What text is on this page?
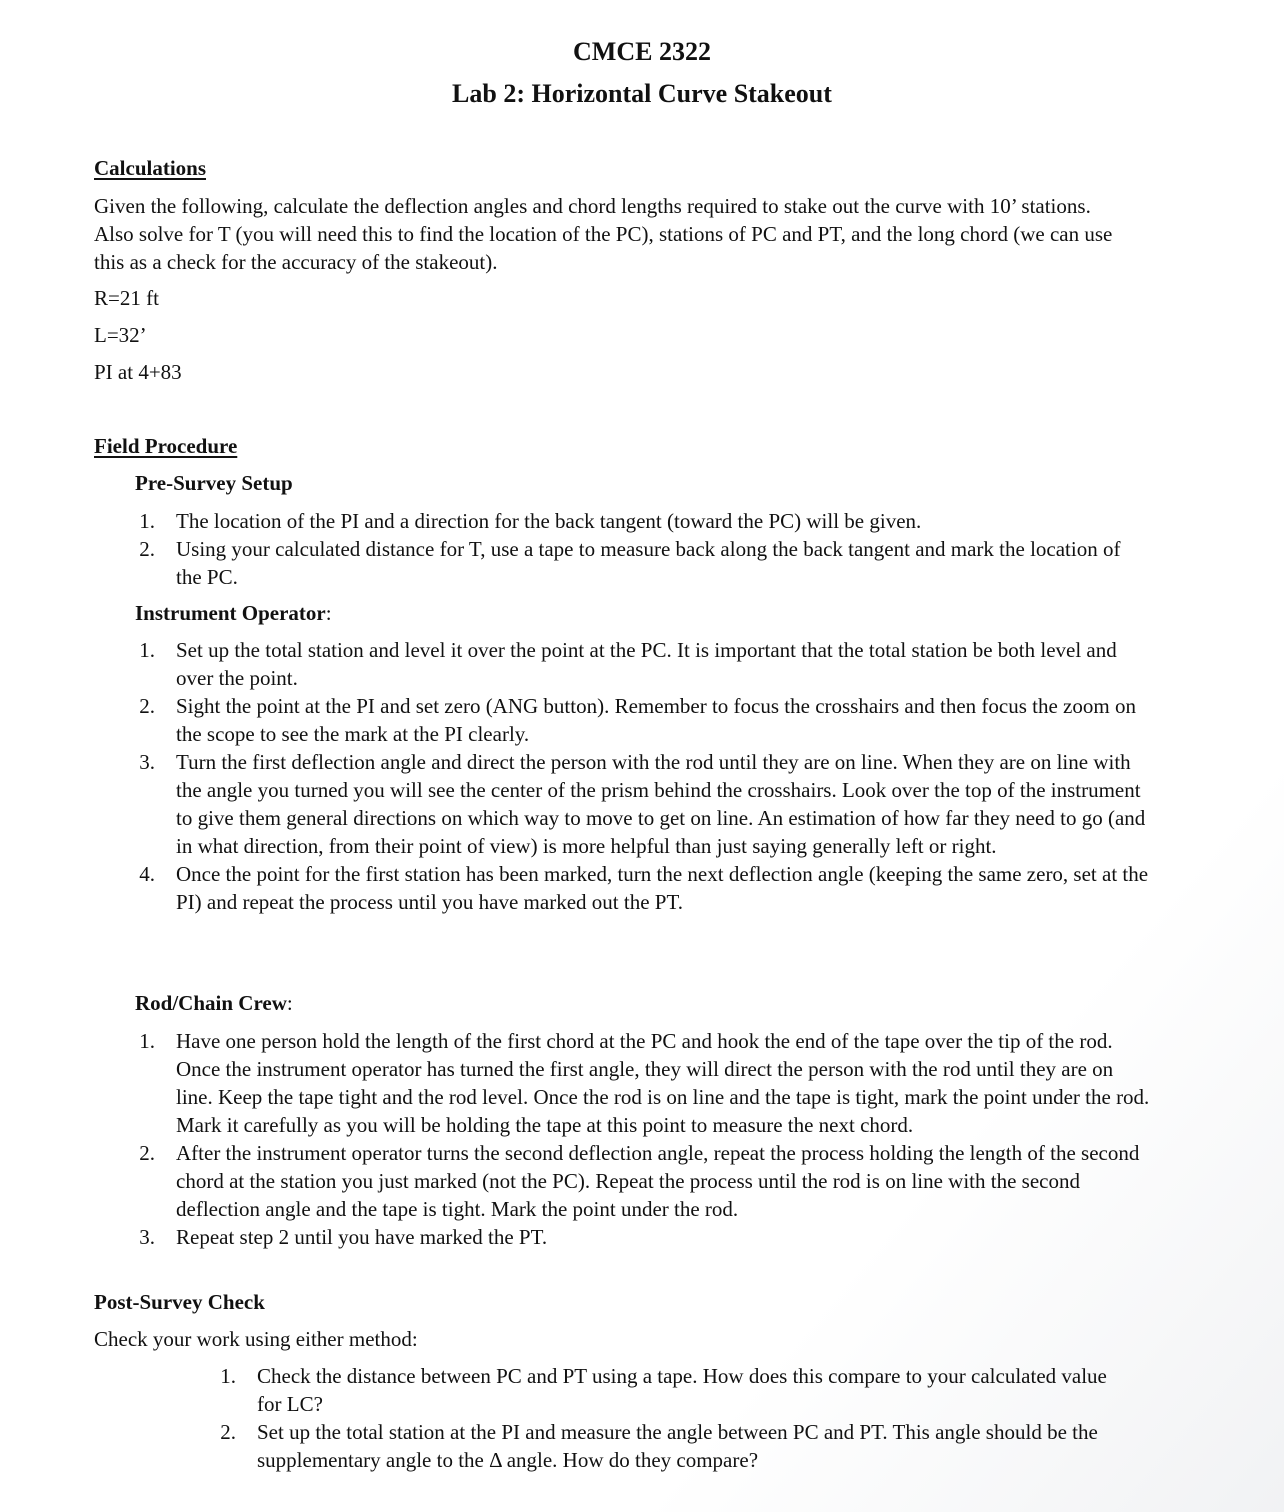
CMCE 2322
Lab 2: Horizontal Curve Stakeout
Calculations
Given the following, calculate the deflection angles and chord lengths required to stake out the curve with 10’ stations. Also solve for T (you will need this to find the location of the PC), stations of PC and PT, and the long chord (we can use this as a check for the accuracy of the stakeout).
R=21 ft
L=32’
PI at 4+83
Field Procedure
Pre-Survey Setup
1. The location of the PI and a direction for the back tangent (toward the PC) will be given.
2. Using your calculated distance for T, use a tape to measure back along the back tangent and mark the location of the PC.
Instrument Operator:
1. Set up the total station and level it over the point at the PC. It is important that the total station be both level and over the point.
2. Sight the point at the PI and set zero (ANG button). Remember to focus the crosshairs and then focus the zoom on the scope to see the mark at the PI clearly.
3. Turn the first deflection angle and direct the person with the rod until they are on line. When they are on line with the angle you turned you will see the center of the prism behind the crosshairs. Look over the top of the instrument to give them general directions on which way to move to get on line. An estimation of how far they need to go (and in what direction, from their point of view) is more helpful than just saying generally left or right.
4. Once the point for the first station has been marked, turn the next deflection angle (keeping the same zero, set at the PI) and repeat the process until you have marked out the PT.
Rod/Chain Crew:
1. Have one person hold the length of the first chord at the PC and hook the end of the tape over the tip of the rod. Once the instrument operator has turned the first angle, they will direct the person with the rod until they are on line. Keep the tape tight and the rod level. Once the rod is on line and the tape is tight, mark the point under the rod. Mark it carefully as you will be holding the tape at this point to measure the next chord.
2. After the instrument operator turns the second deflection angle, repeat the process holding the length of the second chord at the station you just marked (not the PC). Repeat the process until the rod is on line with the second deflection angle and the tape is tight. Mark the point under the rod.
3. Repeat step 2 until you have marked the PT.
Post-Survey Check
Check your work using either method:
1. Check the distance between PC and PT using a tape. How does this compare to your calculated value for LC?
2. Set up the total station at the PI and measure the angle between PC and PT. This angle should be the supplementary angle to the Δ angle. How do they compare?
